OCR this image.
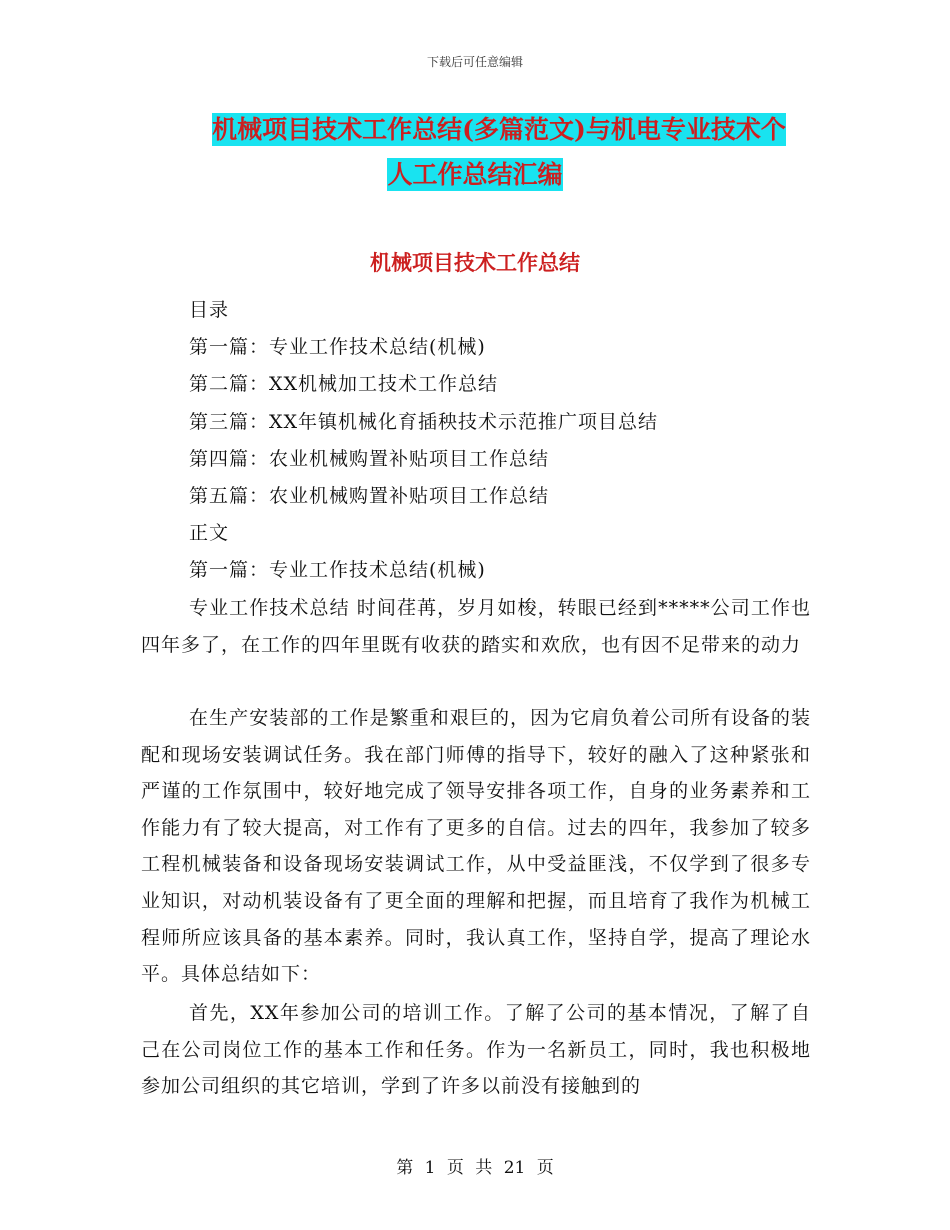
下载后可任意编辑
机械项目技术工作总结(多篇范文)与机电专业技术个
人工作总结汇编
机械项目技术工作总结
目录
第一篇：专业工作技术总结(机械)
第二篇：XX机械加工技术工作总结
第三篇：XX年镇机械化育插秧技术示范推广项目总结
第四篇：农业机械购置补贴项目工作总结
第五篇：农业机械购置补贴项目工作总结
正文
第一篇：专业工作技术总结(机械)

专业工作技术总结 时间荏苒，岁月如梭，转眼已经到*****公司工作也四年多了，在工作的四年里既有收获的踏实和欢欣，也有因不足带来的动力

在生产安装部的工作是繁重和艰巨的，因为它肩负着公司所有设备的装配和现场安装调试任务。我在部门师傅的指导下，较好的融入了这种紧张和严谨的工作氛围中，较好地完成了领导安排各项工作，自身的业务素养和工作能力有了较大提高，对工作有了更多的自信。过去的四年，我参加了较多工程机械装备和设备现场安装调试工作，从中受益匪浅，不仅学到了很多专业知识，对动机装设备有了更全面的理解和把握，而且培育了我作为机械工程师所应该具备的基本素养。同时，我认真工作，坚持自学，提高了理论水平。具体总结如下：

首先，XX年参加公司的培训工作。了解了公司的基本情况，了解了自己在公司岗位工作的基本工作和任务。作为一名新员工，同时，我也积极地参加公司组织的其它培训，学到了许多以前没有接触到的

第 1 页 共 21 页
